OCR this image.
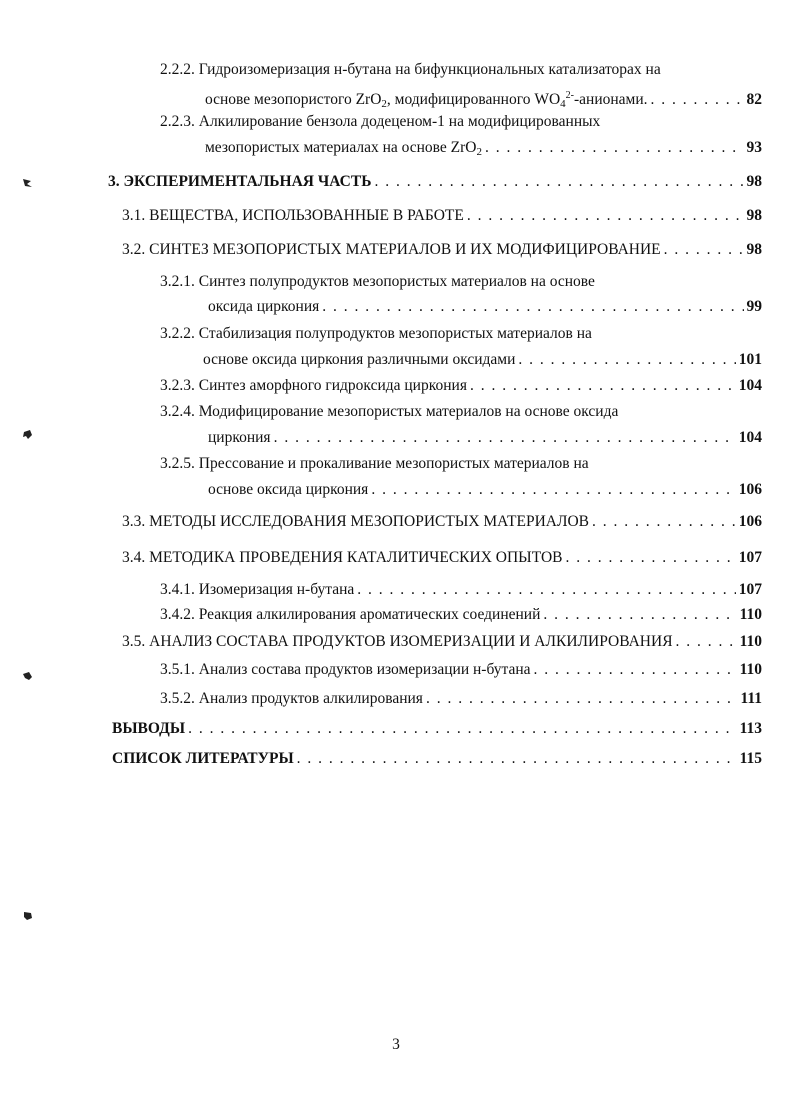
2.2.2. Гидроизомеризация н-бутана на бифункциональных катализаторах на
основе мезопористого ZrO$_2$, модифицированного $WO_4^{2-}$-анионами. . . .	82
2.2.3. Алкилирование бензола додеценом-1 на модифицированных
мезопористых материалах на основе ZrO$_2$ . . .	93
3. ЭКСПЕРИМЕНТАЛЬНАЯ ЧАСТЬ . . .	98
3.1. ВЕЩЕСТВА, ИСПОЛЬЗОВАННЫЕ В РАБОТЕ . . .	98
3.2. СИНТЕЗ МЕЗОПОРИСТЫХ МАТЕРИАЛОВ И ИХ МОДИФИЦИРОВАНИЕ . . .	98
3.2.1. Синтез полупродуктов мезопористых материалов на основе
оксида циркония . . .	99
3.2.2. Стабилизация полупродуктов мезопористых материалов на
основе оксида циркония различными оксидами . . .	101
3.2.3. Синтез аморфного гидроксида циркония . . .	104
3.2.4. Модифицирование мезопористых материалов на основе оксида
циркония . . .	104
3.2.5. Прессование и прокаливание мезопористых материалов на
основе оксида циркония . . .	106
3.3. МЕТОДЫ ИССЛЕДОВАНИЯ МЕЗОПОРИСТЫХ МАТЕРИАЛОВ . . .	106
3.4. МЕТОДИКА ПРОВЕДЕНИЯ КАТАЛИТИЧЕСКИХ ОПЫТОВ . . .	107
3.4.1. Изомеризация н-бутана . . .	107
3.4.2. Реакция алкилирования ароматических соединений . . .	110
3.5. АНАЛИЗ СОСТАВА ПРОДУКТОВ ИЗОМЕРИЗАЦИИ И АЛКИЛИРОВАНИЯ . . .	110
3.5.1. Анализ состава продуктов изомеризации н-бутана . . .	110
3.5.2. Анализ продуктов алкилирования . . .	111
ВЫВОДЫ . . .	113
СПИСОК ЛИТЕРАТУРЫ . . .	115
3
